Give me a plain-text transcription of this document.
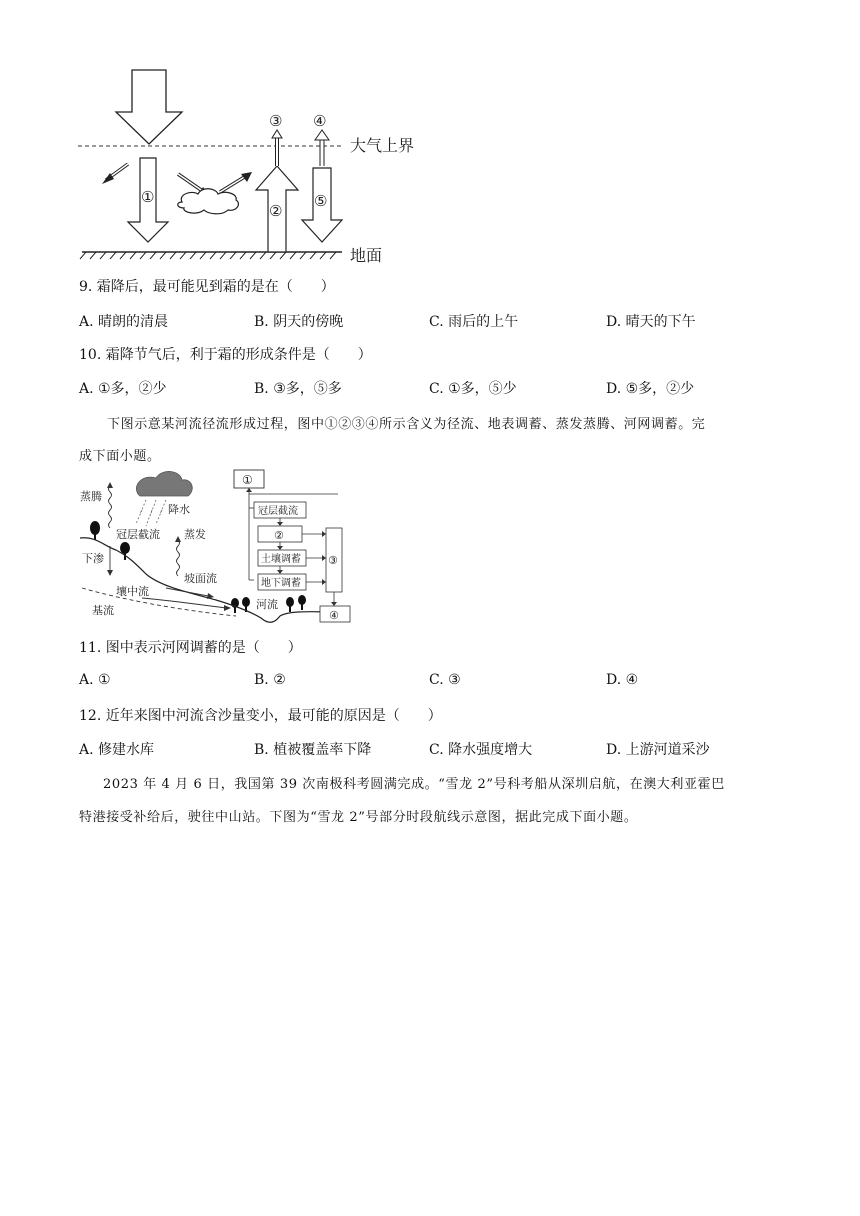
大气上界
地面
①
②
③ ④
⑤
9. 霜降后，最可能见到霜的是在（　　）
A. 晴朗的清晨	B. 阴天的傍晚	C. 雨后的上午	D. 晴天的下午
10. 霜降节气后，利于霜的形成条件是（　　）
A. ①多，②少	B. ③多，⑤多	C. ①多，⑤少	D. ⑤多，②少
下图示意某河流径流形成过程，图中①②③④所示含义为径流、地表调蓄、蒸发蒸腾、河网调蓄。完
成下面小题。
蒸腾
降水
冠层截流
下渗
蒸发
坡面流
壤中流
基流	河流
①
冠层截流
②
土壤调蓄
地下调蓄
③
④
11. 图中表示河网调蓄的是（　　）
A. ①	B. ②	C. ③	D. ④
12. 近年来图中河流含沙量变小，最可能的原因是（　　）
A. 修建水库	B. 植被覆盖率下降	C. 降水强度增大	D. 上游河道采沙
2023 年 4 月 6 日，我国第 39 次南极科考圆满完成。“雪龙 2”号科考船从深圳启航，在澳大利亚霍巴
特港接受补给后，驶往中山站。下图为“雪龙 2”号部分时段航线示意图，据此完成下面小题。
